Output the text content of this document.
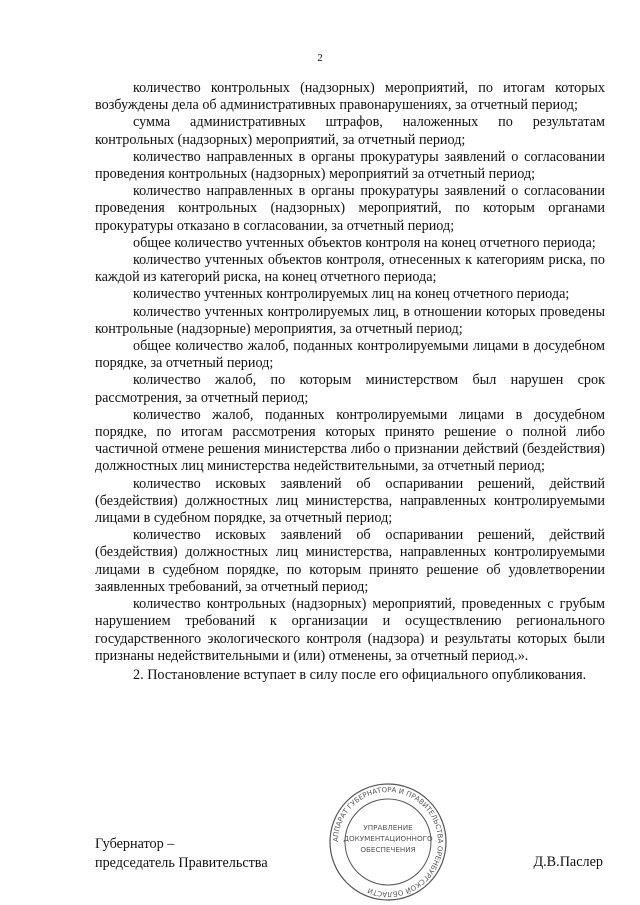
2

количество контрольных (надзорных) мероприятий, по итогам которых возбуждены дела об административных правонарушениях, за отчетный период;

сумма административных штрафов, наложенных по результатам контрольных (надзорных) мероприятий, за отчетный период;

количество направленных в органы прокуратуры заявлений о согласовании проведения контрольных (надзорных) мероприятий за отчетный период;

количество направленных в органы прокуратуры заявлений о согласовании проведения контрольных (надзорных) мероприятий, по которым органами прокуратуры отказано в согласовании, за отчетный период;

общее количество учтенных объектов контроля на конец отчетного периода;

количество учтенных объектов контроля, отнесенных к категориям риска, по каждой из категорий риска, на конец отчетного периода;

количество учтенных контролируемых лиц на конец отчетного периода;

количество учтенных контролируемых лиц, в отношении которых проведены контрольные (надзорные) мероприятия, за отчетный период;

общее количество жалоб, поданных контролируемыми лицами в досудебном порядке, за отчетный период;

количество жалоб, по которым министерством был нарушен срок рассмотрения, за отчетный период;

количество жалоб, поданных контролируемыми лицами в досудебном порядке, по итогам рассмотрения которых принято решение о полной либо частичной отмене решения министерства либо о признании действий (бездействия) должностных лиц министерства недействительными, за отчетный период;

количество исковых заявлений об оспаривании решений, действий (бездействия) должностных лиц министерства, направленных контролируемыми лицами в судебном порядке, за отчетный период;

количество исковых заявлений об оспаривании решений, действий (бездействия) должностных лиц министерства, направленных контролируемыми лицами в судебном порядке, по которым принято решение об удовлетворении заявленных требований, за отчетный период;

количество контрольных (надзорных) мероприятий, проведенных с грубым нарушением требований к организации и осуществлению регионального государственного экологического контроля (надзора) и результаты которых были признаны недействительными и (или) отменены, за отчетный период.».

2. Постановление вступает в силу после его официального опубликования.

Губернатор –
председатель Правительства	Д.В.Паслер
АППАРАТ ГУБЕРНАТОРА И ПРАВИТЕЛЬСТВА ОРЕНБУРГСКОЙ ОБЛАСТИ
УПРАВЛЕНИЕ
ДОКУМЕНТАЦИОННОГО
ОБЕСПЕЧЕНИЯ
